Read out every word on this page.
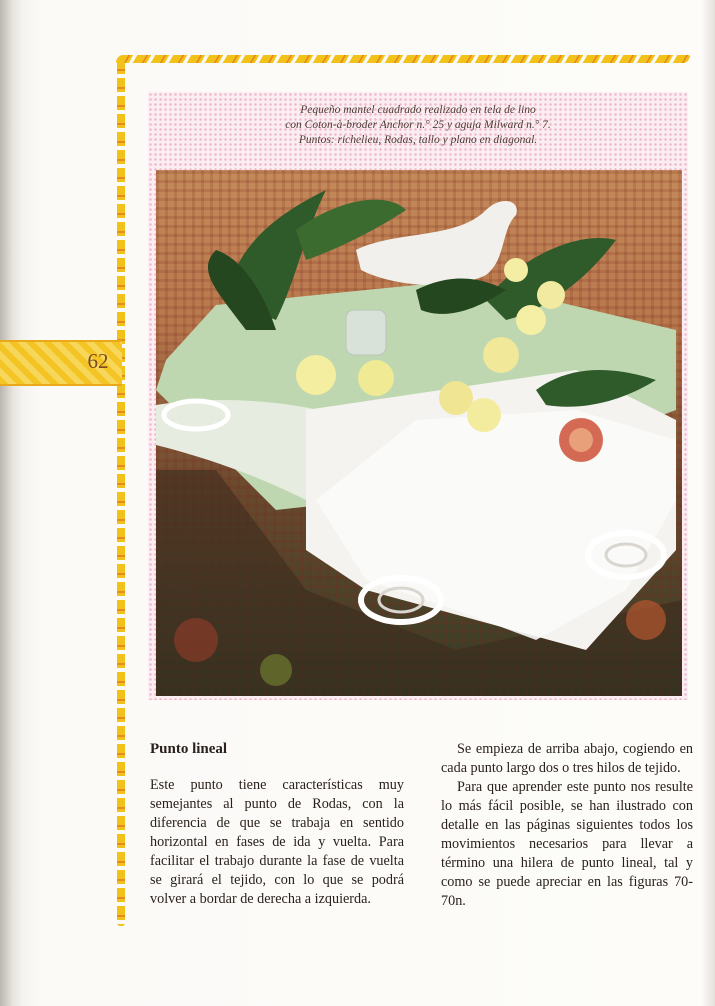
62
Pequeño mantel cuadrado realizado en tela de lino
con Coton-à-broder Anchor n.° 25 y aguja Milward n.° 7.
Puntos: richelieu, Rodas, tallo y plano en diagonal.
Punto lineal

Este punto tiene características muy semejantes al punto de Rodas, con la diferencia de que se trabaja en sentido horizontal en fases de ida y vuelta. Para facilitar el trabajo durante la fase de vuelta se girará el tejido, con lo que se podrá volver a bordar de derecha a izquierda.

Se empieza de arriba abajo, cogiendo en cada punto largo dos o tres hilos de tejido.

Para que aprender este punto nos resulte lo más fácil posible, se han ilustrado con detalle en las páginas siguientes todos los movimientos necesarios para llevar a término una hilera de punto lineal, tal y como se puede apreciar en las figuras 70-70n.
